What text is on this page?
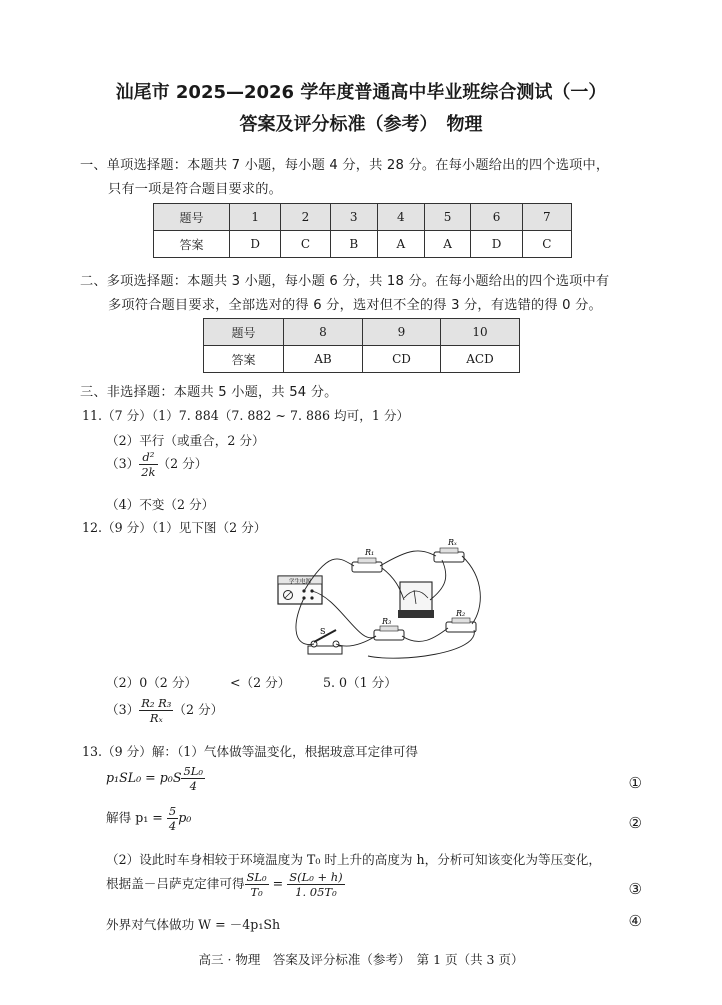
汕尾市 2025—2026 学年度普通高中毕业班综合测试（一）
答案及评分标准（参考）　物理
一、单项选择题：本题共 7 小题，每小题 4 分，共 28 分。在每小题给出的四个选项中，
只有一项是符合题目要求的。
题号	1	2	3	4	5	6	7
答案	D	C	B	A	A	D	C
二、多项选择题：本题共 3 小题，每小题 6 分，共 18 分。在每小题给出的四个选项中有
多项符合题目要求，全部选对的得 6 分，选对但不全的得 3 分，有选错的得 0 分。
题号	8	9	10
答案	AB	CD	ACD
三、非选择题：本题共 5 小题，共 54 分。
11.（7 分）（1）7. 884（7. 882 ~ 7. 886 均可，1 分）
（2）平行（或重合，2 分）
$(3) \frac{\text{d²}}{2k} (2$ 分）
（4）不变（2 分）
12.（9 分）（1）见下图（2 分）
学生电源
R₁
Rₓ
R₃
R₂
S
（2）0（2 分）	<（2 分）	5. 0（1 分）
$(3) \frac{\text{R₂ R₃}}{\text{Rₓ}} (2$ 分）
13.（9 分）解：（1）气体做等温变化，根据玻意耳定律可得
$p_1SL_0 = p_0S \frac{\text{5L₀}}{4}$	①
解得 $p_1 = \frac{5}{4} p_0$	②
（2）设此时车身相较于环境温度为 T₀ 时上升的高度为 h，分析可知该变化为等压变化，
根据盖－吕萨克定律可得 $\frac{\text{SL₀}}{\text{T₀}} = \frac{\text{S(L₀ + h)}}{\text{1. 05T₀}}$	③
外界对气体做功 W = －4p₁Sh	④
高三 · 物理　答案及评分标准（参考）　第 1 页（共 3 页）
